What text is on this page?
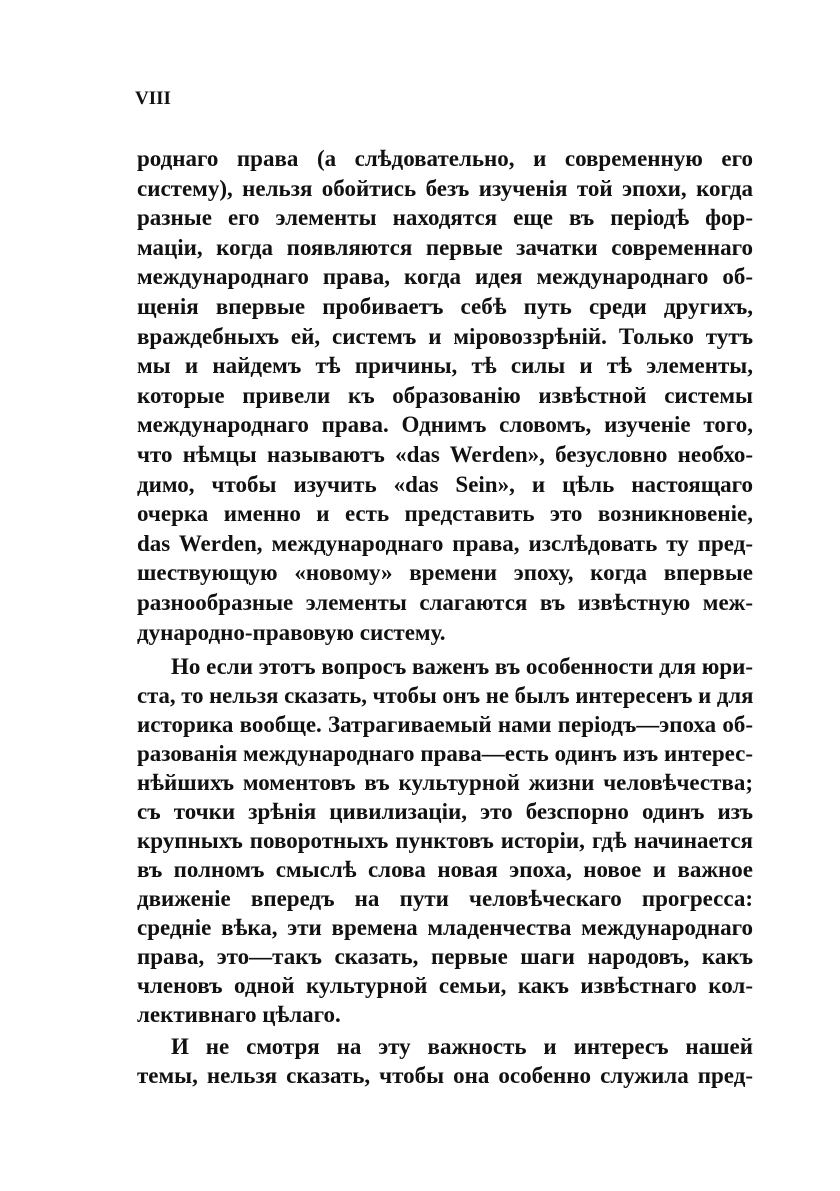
VIII
роднаго права (а слѣдовательно, и современную его
систему), нельзя обойтись безъ изученія той эпохи, когда
разные его элементы находятся еще въ періодѣ фор-
маціи, когда появляются первые зачатки современнаго
международнаго права, когда идея международнаго об-
щенія впервые пробиваетъ себѣ путь среди другихъ,
враждебныхъ ей, системъ и міровоззрѣній. Только тутъ
мы и найдемъ тѣ причины, тѣ силы и тѣ элементы,
которые привели къ образованію извѣстной системы
международнаго права. Однимъ словомъ, изученіе того,
что нѣмцы называютъ «das Werden», безусловно необхо-
димо, чтобы изучить «das Sein», и цѣль настоящаго
очерка именно и есть представить это возникновеніе,
das Werden, международнаго права, изслѣдовать ту пред-
шествующую «новому» времени эпоху, когда впервые
разнообразные элементы слагаются въ извѣстную меж-
дународно-правовую систему.
Но если этотъ вопросъ важенъ въ особенности для юри-
ста, то нельзя сказать, чтобы онъ не былъ интересенъ и для
историка вообще. Затрагиваемый нами періодъ—эпоха об-
разованія международнаго права—есть одинъ изъ интерес-
нѣйшихъ моментовъ въ культурной жизни человѣчества;
съ точки зрѣнія цивилизаціи, это безспорно одинъ изъ
крупныхъ поворотныхъ пунктовъ исторіи, гдѣ начинается
въ полномъ смыслѣ слова новая эпоха, новое и важное
движеніе впередъ на пути человѣческаго прогресса:
средніе вѣка, эти времена младенчества международнаго
права, это—такъ сказать, первые шаги народовъ, какъ
членовъ одной культурной семьи, какъ извѣстнаго кол-
лективнаго цѣлаго.
И не смотря на эту важность и интересъ нашей
темы, нельзя сказать, чтобы она особенно служила пред-
